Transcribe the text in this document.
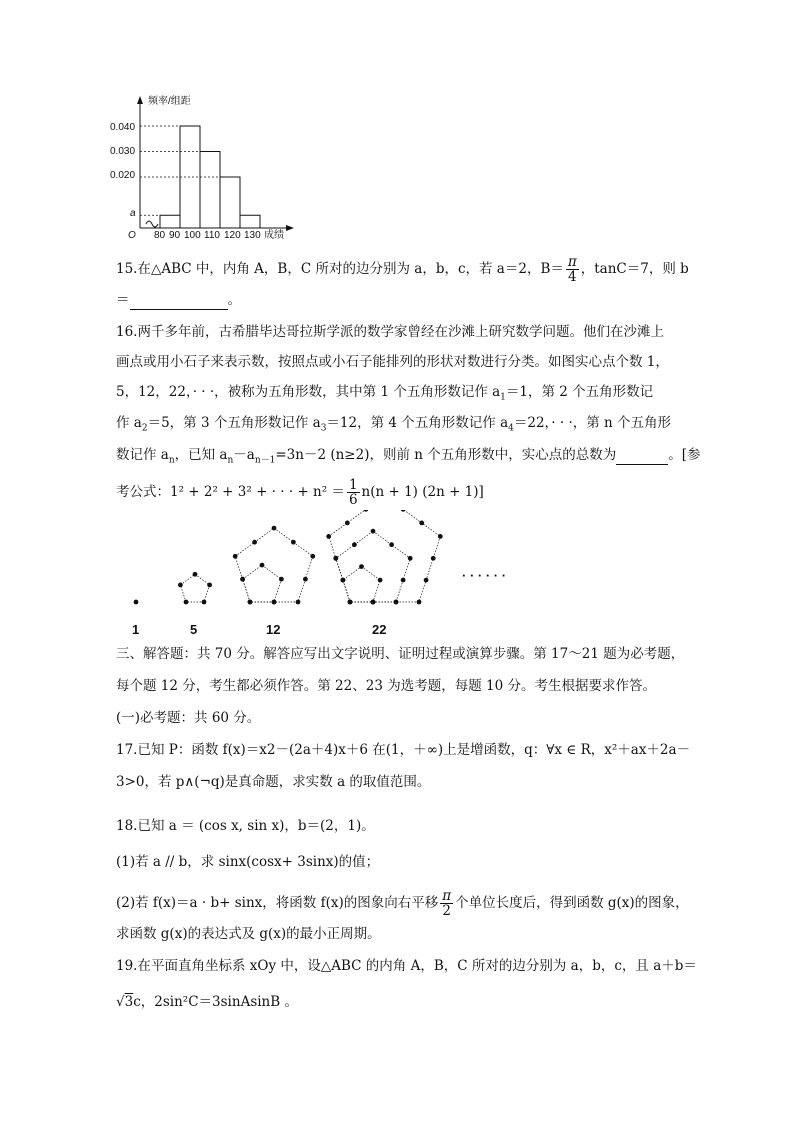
频率/组距
0.040
0.030
0.020
a
O 80 90 100 110 120 130 成绩
15.在△ABC 中，内角 A，B，C 所对的边分别为 a，b，c，若 a＝2，$B= \frac{\pi}{4}$ ，tanC＝7，则 b
＝	。
16.两千多年前，古希腊毕达哥拉斯学派的数学家曾经在沙滩上研究数学问题。他们在沙滩上
画点或用小石子来表示数，按照点或小石子能排列的形状对数进行分类。如图实心点个数 1，
5，12，22，· · ·，被称为五角形数，其中第 1 个五角形数记作 $a_1=1$，第 2 个五角形数记
作 $a_2=5$，第 3 个五角形数记作 $a_3=12$，第 4 个五角形数记作 $a_4=22$，· · ·，第 n 个五角形
数记作 $a_n$，已知 $a_n-a_{n-1}=3n-2$ (n≥2)，则前 n 个五角形数中，实心点的总数为	。[参
考公式：1² + 2² + 3² + · · · + $n^2 = \frac{1}{6} n(n + 1) (2n + 1)$]
1	5	12	22
· · · · · ·
三、解答题：共 70 分。解答应写出文字说明、证明过程或演算步骤。第 17～21 题为必考题，
每个题 12 分，考生都必须作答。第 22、23 为选考题，每题 10 分。考生根据要求作答。
(一)必考题：共 60 分。
17.已知 P：函数 f(x)＝x2－(2a＋4)x＋6 在(1，＋∞)上是增函数，q：∀x ∈ R，x²＋ax＋2a－
3>0，若 p∧(¬q)是真命题，求实数 a 的取值范围。
18.已知 a ＝ (cos x, sin x)，b＝(2，1)。
(1)若 a // b，求 sinx(cosx+ 3sinx)的值；
(2)若 f(x)＝a · b+ sinx，将函数 f(x)的图象向右平移 $\frac{\pi}{2}$ 个单位长度后，得到函数 g(x)的图象，
求函数 g(x)的表达式及 g(x)的最小正周期。
19.在平面直角坐标系 xOy 中，设△ABC 的内角 A，B，C 所对的边分别为 a，b，c，且 a＋b＝
√3c，2sin²C＝3sinAsinB 。
